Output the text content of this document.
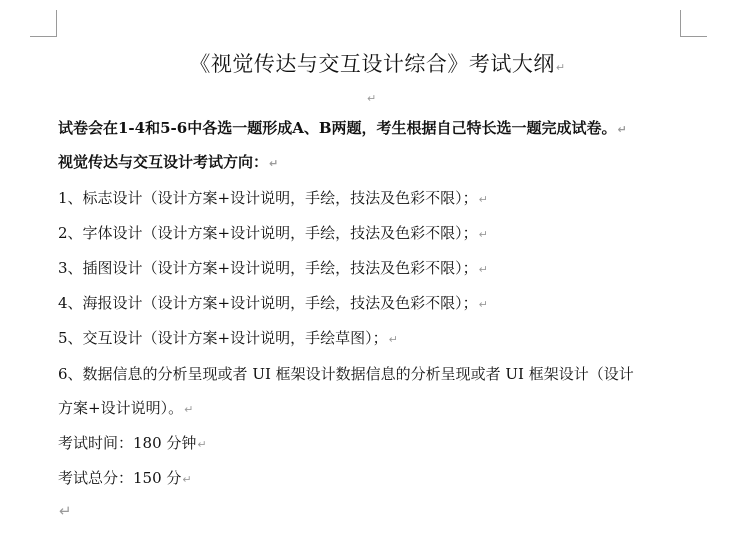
《视觉传达与交互设计综合》考试大纲↵
↵
试卷会在1-4和5-6中各选一题形成A、B两题，考生根据自己特长选一题完成试卷。↵
视觉传达与交互设计考试方向：↵
1、标志设计（设计方案+设计说明，手绘，技法及色彩不限）；↵
2、字体设计（设计方案+设计说明，手绘，技法及色彩不限）；↵
3、插图设计（设计方案+设计说明，手绘，技法及色彩不限）；↵
4、海报设计（设计方案+设计说明，手绘，技法及色彩不限）；↵
5、交互设计（设计方案+设计说明，手绘草图）；↵
6、数据信息的分析呈现或者 UI 框架设计数据信息的分析呈现或者 UI 框架设计（设计
方案+设计说明）。↵
考试时间：180 分钟↵
考试总分：150 分↵
↵
